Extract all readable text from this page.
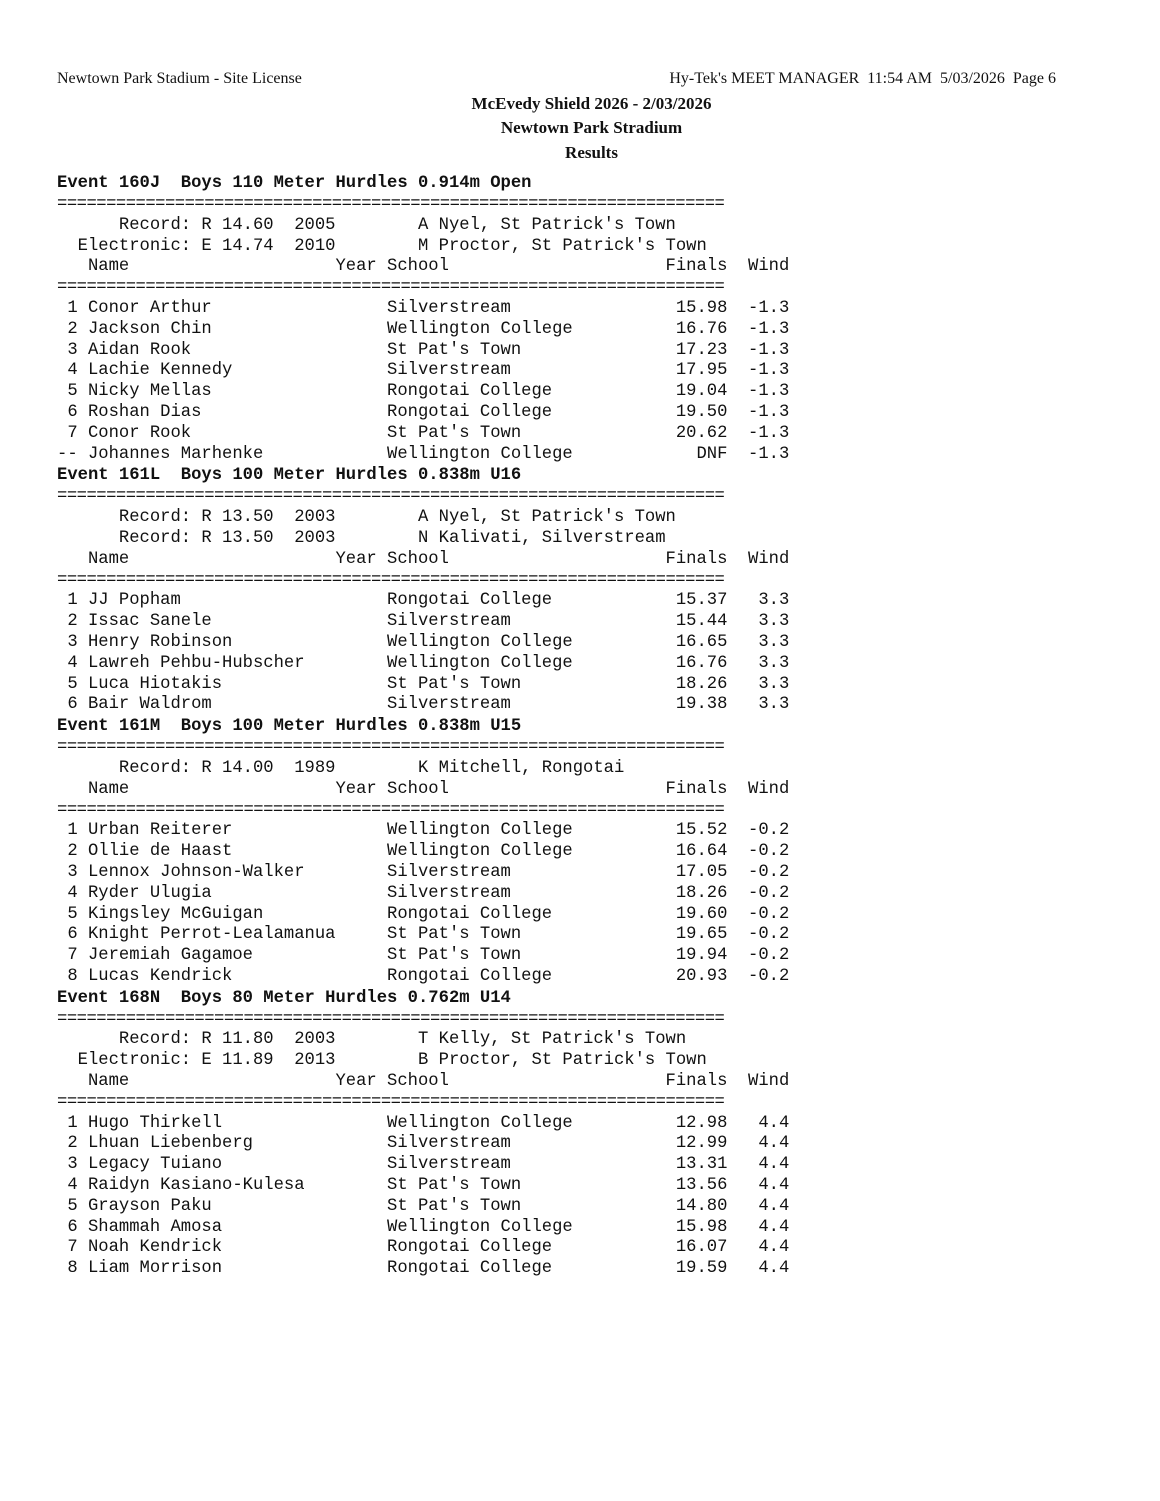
Newtown Park Stadium - Site License	Hy-Tek's MEET MANAGER  11:54 AM  5/03/2026  Page 6
McEvedy Shield 2026 - 2/03/2026
Newtown Park Stradium
Results
Event 160J  Boys 110 Meter Hurdles 0.914m Open
====================================================================
Record: R 14.60  2005        A Nyel, St Patrick's Town
Electronic: E 14.74  2010        M Proctor, St Patrick's Town
Name                    Year School                     Finals  Wind
====================================================================
1 Conor Arthur                 Silverstream                15.98  -1.3
2 Jackson Chin                 Wellington College          16.76  -1.3
3 Aidan Rook                   St Pat's Town               17.23  -1.3
4 Lachie Kennedy               Silverstream                17.95  -1.3
5 Nicky Mellas                 Rongotai College            19.04  -1.3
6 Roshan Dias                  Rongotai College            19.50  -1.3
7 Conor Rook                   St Pat's Town               20.62  -1.3
-- Johannes Marhenke            Wellington College            DNF  -1.3
Event 161L  Boys 100 Meter Hurdles 0.838m U16
====================================================================
Record: R 13.50  2003        A Nyel, St Patrick's Town
Record: R 13.50  2003        N Kalivati, Silverstream
Name                    Year School                     Finals  Wind
====================================================================
1 JJ Popham                    Rongotai College            15.37   3.3
2 Issac Sanele                 Silverstream                15.44   3.3
3 Henry Robinson               Wellington College          16.65   3.3
4 Lawreh Pehbu-Hubscher        Wellington College          16.76   3.3
5 Luca Hiotakis                St Pat's Town               18.26   3.3
6 Bair Waldrom                 Silverstream                19.38   3.3
Event 161M  Boys 100 Meter Hurdles 0.838m U15
====================================================================
Record: R 14.00  1989        K Mitchell, Rongotai
Name                    Year School                     Finals  Wind
====================================================================
1 Urban Reiterer               Wellington College          15.52  -0.2
2 Ollie de Haast               Wellington College          16.64  -0.2
3 Lennox Johnson-Walker        Silverstream                17.05  -0.2
4 Ryder Ulugia                 Silverstream                18.26  -0.2
5 Kingsley McGuigan            Rongotai College            19.60  -0.2
6 Knight Perrot-Lealamanua     St Pat's Town               19.65  -0.2
7 Jeremiah Gagamoe             St Pat's Town               19.94  -0.2
8 Lucas Kendrick               Rongotai College            20.93  -0.2
Event 168N  Boys 80 Meter Hurdles 0.762m U14
====================================================================
Record: R 11.80  2003        T Kelly, St Patrick's Town
Electronic: E 11.89  2013        B Proctor, St Patrick's Town
Name                    Year School                     Finals  Wind
====================================================================
1 Hugo Thirkell                Wellington College          12.98   4.4
2 Lhuan Liebenberg             Silverstream                12.99   4.4
3 Legacy Tuiano                Silverstream                13.31   4.4
4 Raidyn Kasiano-Kulesa        St Pat's Town               13.56   4.4
5 Grayson Paku                 St Pat's Town               14.80   4.4
6 Shammah Amosa                Wellington College          15.98   4.4
7 Noah Kendrick                Rongotai College            16.07   4.4
8 Liam Morrison                Rongotai College            19.59   4.4
